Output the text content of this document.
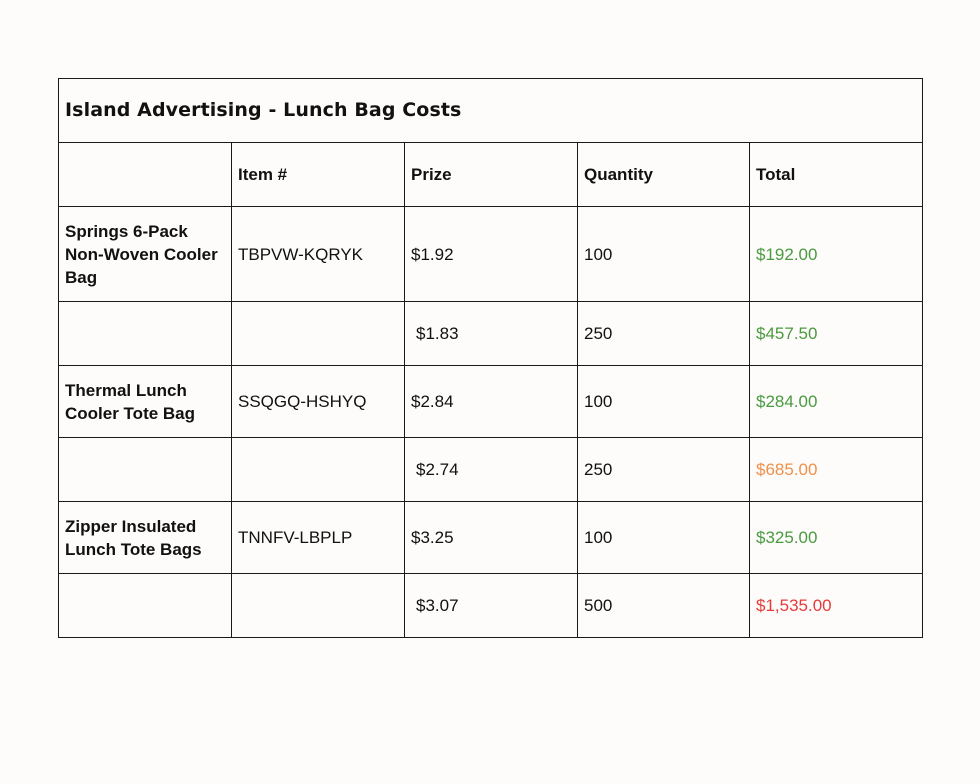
Island Advertising - Lunch Bag Costs				
	Item #	Prize	Quantity	Total
Springs 6-Pack Non-Woven Cooler Bag	TBPVW-KQRYK	$1.92	100	$192.00
		$1.83	250	$457.50
Thermal Lunch Cooler Tote Bag	SSQGQ-HSHYQ	$2.84	100	$284.00
		$2.74	250	$685.00
Zipper Insulated Lunch Tote Bags	TNNFV-LBPLP	$3.25	100	$325.00
		$3.07	500	$1,535.00
